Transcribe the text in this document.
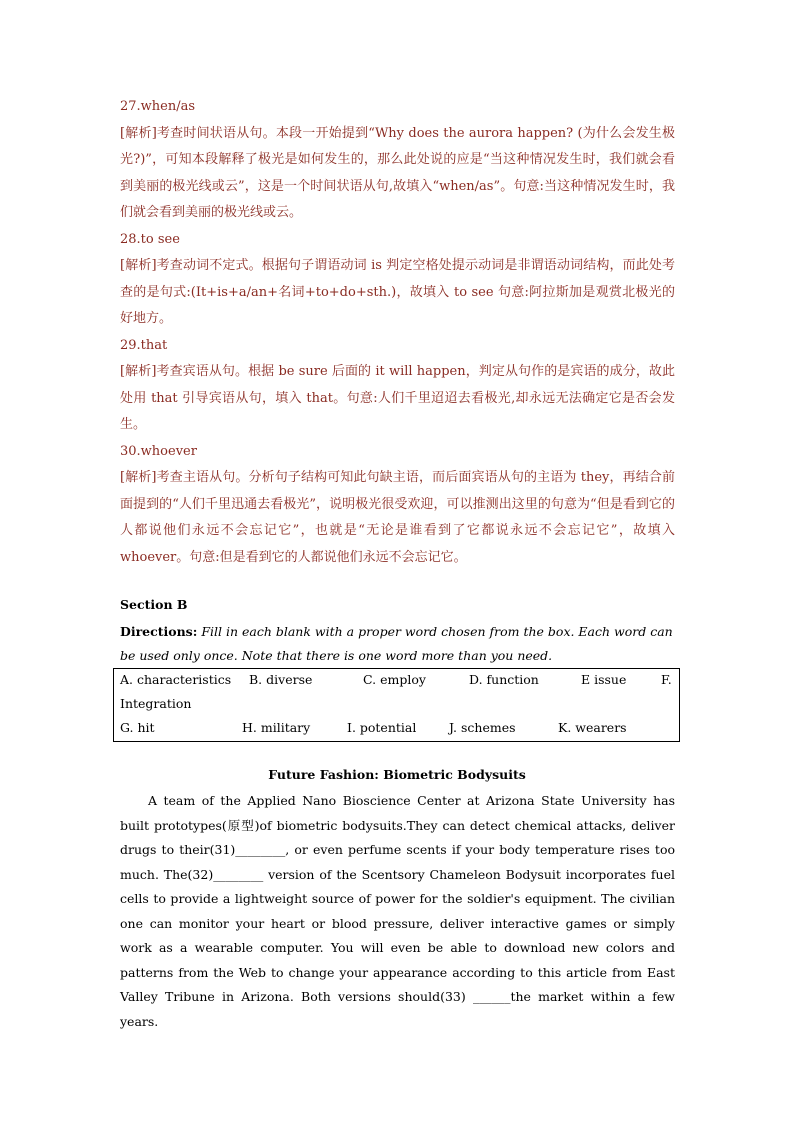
27.when/as

[解析]考查时间状语从句。本段一开始提到“Why does the aurora happen? (为什么会发生极光?)”，可知本段解释了极光是如何发生的，那么此处说的应是“当这种情况发生时，我们就会看到美丽的极光线或云”，这是一个时间状语从句,故填入“when/as”。句意:当这种情况发生时，我们就会看到美丽的极光线或云。

28.to see

[解析]考查动词不定式。根据句子谓语动词 is 判定空格处提示动词是非谓语动词结构，而此处考查的是句式:(It+is+a/an+名词+to+do+sth.)，故填入 to see 句意:阿拉斯加是观赏北极光的好地方。

29.that

[解析]考查宾语从句。根据 be sure 后面的 it will happen，判定从句作的是宾语的成分，故此处用 that 引导宾语从句，填入 that。句意:人们千里迢迢去看极光,却永远无法确定它是否会发生。

30.whoever

[解析]考查主语从句。分析句子结构可知此句缺主语，而后面宾语从句的主语为 they，再结合前面提到的“人们千里迅通去看极光”，说明极光很受欢迎，可以推测出这里的句意为“但是看到它的人都说他们永远不会忘记它”，也就是“无论是谁看到了它都说永远不会忘记它”，故填入 whoever。句意:但是看到它的人都说他们永远不会忘记它。

Section B
Directions: Fill in each blank with a proper word chosen from the box. Each word can be used only once. Note that there is one word more than you need.
A. characteristics B. diverse	C. employ	D. function	E issue	F.
Integration
G. hit	H. military	I. potential	J. schemes	K. wearers
Future Fashion: Biometric Bodysuits

A team of the Applied Nano Bioscience Center at Arizona State University has built prototypes(原型)of biometric bodysuits.They can detect chemical attacks, deliver drugs to their(31)________, or even perfume scents if your body temperature rises too much. The(32)________ version of the Scentsory Chameleon Bodysuit incorporates fuel cells to provide a lightweight source of power for the soldier's equipment. The civilian one can monitor your heart or blood pressure, deliver interactive games or simply work as a wearable computer. You will even be able to download new colors and patterns from the Web to change your appearance according to this article from East Valley Tribune in Arizona. Both versions should(33) ______the market within a few years.
